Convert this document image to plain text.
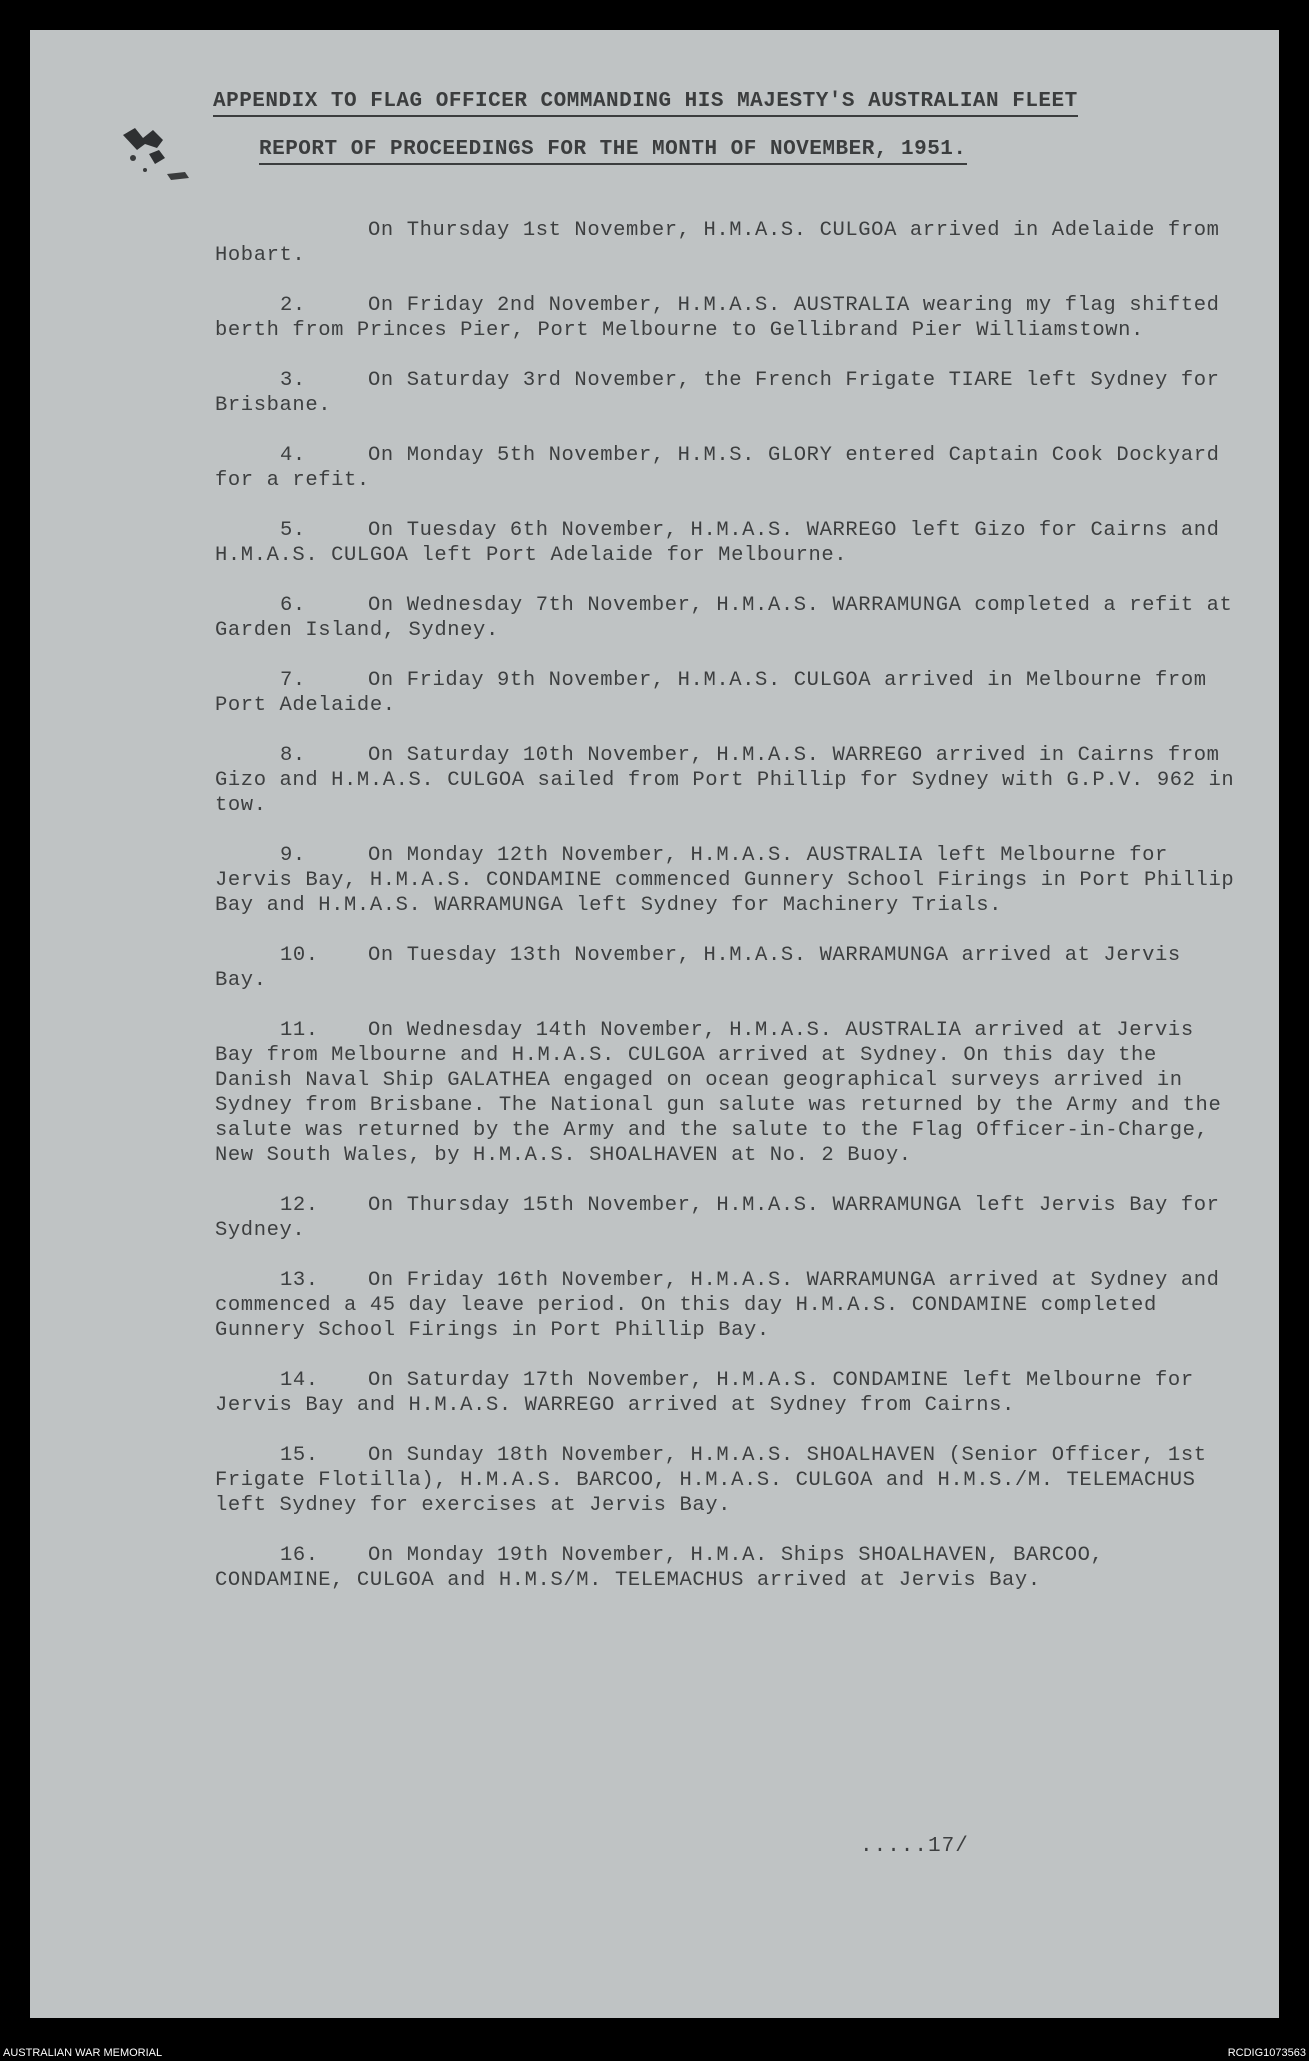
APPENDIX TO FLAG OFFICER COMMANDING HIS MAJESTY'S AUSTRALIAN FLEET
REPORT OF PROCEEDINGS FOR THE MONTH OF NOVEMBER, 1951.

On Thursday 1st November, H.M.A.S. CULGOA arrived in Adelaide from Hobart.

2.	On Friday 2nd November, H.M.A.S. AUSTRALIA wearing my flag shifted berth from Princes Pier, Port Melbourne to Gellibrand Pier Williamstown.

3.	On Saturday 3rd November, the French Frigate TIARE left Sydney for Brisbane.

4.	On Monday 5th November, H.M.S. GLORY entered Captain Cook Dockyard for a refit.

5.	On Tuesday 6th November, H.M.A.S. WARREGO left Gizo for Cairns and H.M.A.S. CULGOA left Port Adelaide for Melbourne.

6.	On Wednesday 7th November, H.M.A.S. WARRAMUNGA completed a refit at Garden Island, Sydney.

7.	On Friday 9th November, H.M.A.S. CULGOA arrived in Melbourne from Port Adelaide.

8.	On Saturday 10th November, H.M.A.S. WARREGO arrived in Cairns from Gizo and H.M.A.S. CULGOA sailed from Port Phillip for Sydney with G.P.V. 962 in tow.

9.	On Monday 12th November, H.M.A.S. AUSTRALIA left Melbourne for Jervis Bay, H.M.A.S. CONDAMINE commenced Gunnery School Firings in Port Phillip Bay and H.M.A.S. WARRAMUNGA left Sydney for Machinery Trials.

10. On Tuesday 13th November, H.M.A.S. WARRAMUNGA arrived at Jervis Bay.

11. On Wednesday 14th November, H.M.A.S. AUSTRALIA arrived at Jervis Bay from Melbourne and H.M.A.S. CULGOA arrived at Sydney. On this day the Danish Naval Ship GALATHEA engaged on ocean geographical surveys arrived in Sydney from Brisbane. The National gun salute was returned by the Army and the salute was returned by the Army and the salute to the Flag Officer-in-Charge, New South Wales, by H.M.A.S. SHOALHAVEN at No. 2 Buoy.

12. On Thursday 15th November, H.M.A.S. WARRAMUNGA left Jervis Bay for Sydney.

13. On Friday 16th November, H.M.A.S. WARRAMUNGA arrived at Sydney and commenced a 45 day leave period. On this day H.M.A.S. CONDAMINE completed Gunnery School Firings in Port Phillip Bay.

14. On Saturday 17th November, H.M.A.S. CONDAMINE left Melbourne for Jervis Bay and H.M.A.S. WARREGO arrived at Sydney from Cairns.

15. On Sunday 18th November, H.M.A.S. SHOALHAVEN (Senior Officer, 1st Frigate Flotilla), H.M.A.S. BARCOO, H.M.A.S. CULGOA and H.M.S./M. TELEMACHUS left Sydney for exercises at Jervis Bay.

16. On Monday 19th November, H.M.A. Ships SHOALHAVEN, BARCOO, CONDAMINE, CULGOA and H.M.S/M. TELEMACHUS arrived at Jervis Bay.

.....17/
AUSTRALIAN WAR MEMORIAL	RCDIG1073563
